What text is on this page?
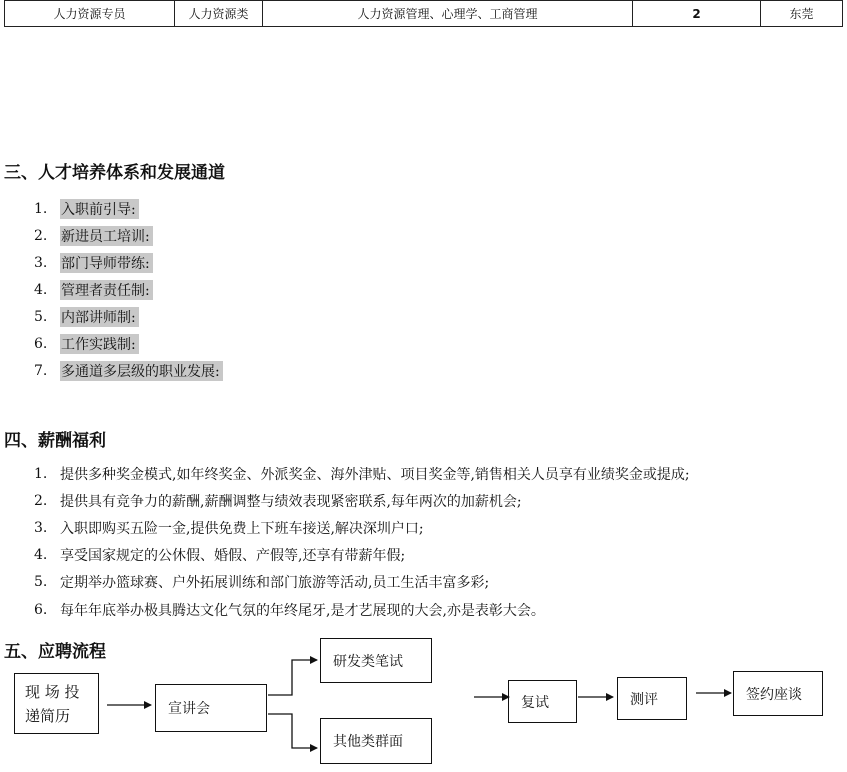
人力资源专员	人力资源类	人力资源管理、心理学、工商管理	2	东莞
三、人才培养体系和发展通道
1. 入职前引导:
2. 新进员工培训:
3. 部门导师带练:
4. 管理者责任制:
5. 内部讲师制:
6. 工作实践制:
7. 多通道多层级的职业发展:
四、薪酬福利
1. 提供多种奖金模式,如年终奖金、外派奖金、海外津贴、项目奖金等,销售相关人员享有业绩奖金或提成;
2. 提供具有竞争力的薪酬,薪酬调整与绩效表现紧密联系,每年两次的加薪机会;
3. 入职即购买五险一金,提供免费上下班车接送,解决深圳户口;
4. 享受国家规定的公休假、婚假、产假等,还享有带薪年假;
5. 定期举办篮球赛、户外拓展训练和部门旅游等活动,员工生活丰富多彩;
6. 每年年底举办极具腾达文化气氛的年终尾牙,是才艺展现的大会,亦是表彰大会。
五、应聘流程
现 场 投
递简历	宣讲会
研发类笔试
其他类群面
复试	测评	签约座谈
